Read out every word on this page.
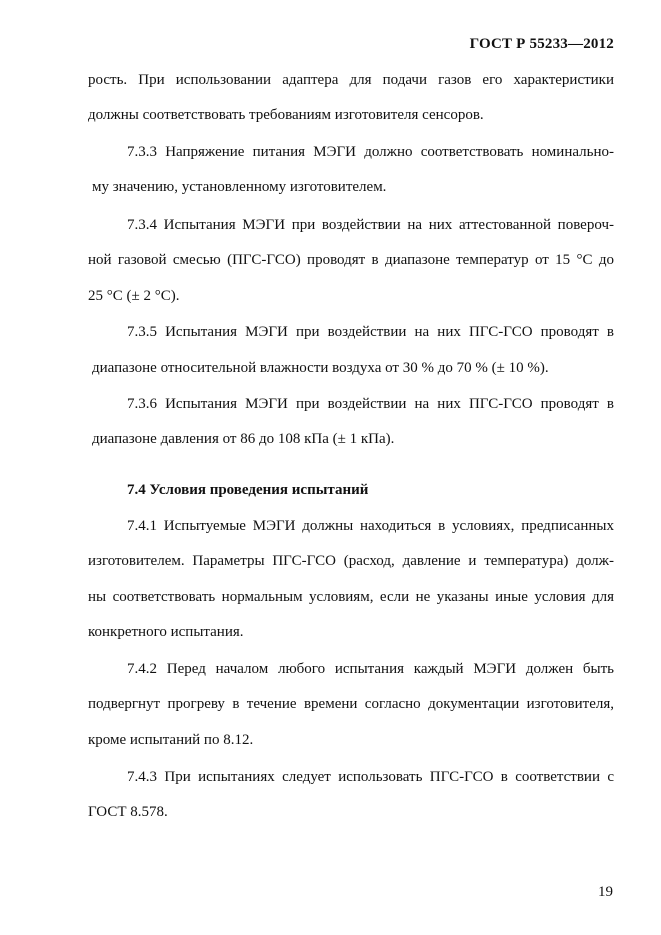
ГОСТ Р 55233—2012
рость. При использовании адаптера для подачи газов его характеристики
должны соответствовать требованиям изготовителя сенсоров.
7.3.3 Напряжение питания МЭГИ должно соответствовать номинально-
му значению, установленному изготовителем.
7.3.4 Испытания МЭГИ при воздействии на них аттестованной повероч-
ной газовой смесью (ПГС-ГСО) проводят в диапазоне температур от 15 °С до
25 °С (± 2 °С).
7.3.5 Испытания МЭГИ при воздействии на них ПГС-ГСО проводят в
диапазоне относительной влажности воздуха от 30 % до 70 % (± 10 %).
7.3.6 Испытания МЭГИ при воздействии на них ПГС-ГСО проводят в
диапазоне давления от 86 до 108 кПа (± 1 кПа).
7.4 Условия проведения испытаний
7.4.1 Испытуемые МЭГИ должны находиться в условиях, предписанных
изготовителем. Параметры ПГС-ГСО (расход, давление и температура) долж-
ны соответствовать нормальным условиям, если не указаны иные условия для
конкретного испытания.
7.4.2 Перед началом любого испытания каждый МЭГИ должен быть
подвергнут прогреву в течение времени согласно документации изготовителя,
кроме испытаний по 8.12.
7.4.3 При испытаниях следует использовать ПГС-ГСО в соответствии с
ГОСТ 8.578.
19
